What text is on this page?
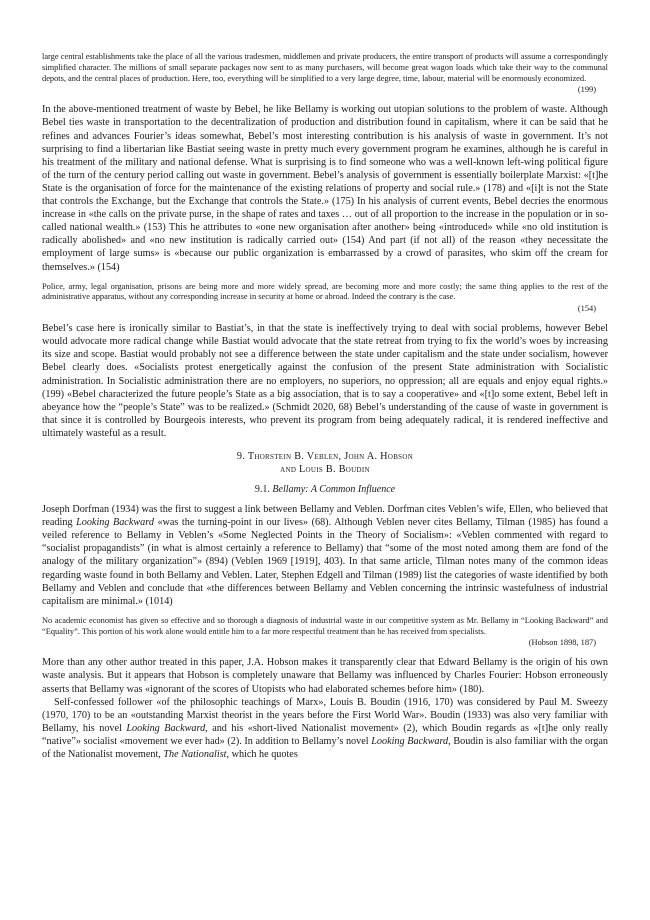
large central establishments take the place of all the various tradesmen, middlemen and private producers, the entire transport of products will assume a correspondingly simplified character. The millions of small separate packages now sent to as many purchasers, will become great wagon loads which take their way to the communal depots, and the central places of production. Here, too, everything will be simplified to a very large degree, time, labour, material will be enormously economized.
(199)

In the above-mentioned treatment of waste by Bebel, he like Bellamy is working out utopian solutions to the problem of waste. Although Bebel ties waste in transportation to the decentralization of production and distribution found in capitalism, where it can be said that he refines and advances Fourier’s ideas somewhat, Bebel’s most interesting contribution is his analysis of waste in government. It’s not surprising to find a libertarian like Bastiat seeing waste in pretty much every government program he examines, although he is careful in his treatment of the military and national defense. What is surprising is to find someone who was a well-known left-wing political figure of the turn of the century period calling out waste in government. Bebel’s analysis of government is essentially boilerplate Marxist: «[t]he State is the organisation of force for the maintenance of the existing relations of property and social rule.» (178) and «[i]t is not the State that controls the Exchange, but the Exchange that controls the State.» (175) In his analysis of current events, Bebel decries the enormous increase in «the calls on the private purse, in the shape of rates and taxes … out of all proportion to the increase in the population or in so-called national wealth.» (153) This he attributes to «one new organisation after another» being «introduced» while «no old institution is radically abolished» and «no new institution is radically carried out» (154) And part (if not all) of the reason «they necessitate the employment of large sums» is «because our public organization is embarrassed by a crowd of parasites, who skim off the cream for themselves.» (154)

Police, army, legal organisation, prisons are being more and more widely spread, are becoming more and more costly; the same thing applies to the rest of the administrative apparatus, without any corresponding increase in security at home or abroad. Indeed the contrary is the case.
(154)

Bebel’s case here is ironically similar to Bastiat’s, in that the state is ineffectively trying to deal with social problems, however Bebel would advocate more radical change while Bastiat would advocate that the state retreat from trying to fix the world’s woes by increasing its size and scope. Bastiat would probably not see a difference between the state under capitalism and the state under socialism, however Bebel clearly does. «Socialists protest energetically against the confusion of the present State administration with Socialistic administration. In Socialistic administration there are no employers, no superiors, no oppression; all are equals and enjoy equal rights.» (199) «Bebel characterized the future people’s State as a big association, that is to say a cooperative» and «[t]o some extent, Bebel left in abeyance how the “people’s State” was to be realized.» (Schmidt 2020, 68) Bebel’s understanding of the cause of waste in government is that since it is controlled by Bourgeois interests, who prevent its program from being adequately radical, it is rendered ineffective and ultimately wasteful as a result.

9. Thorstein B. Veblen, John A. Hobson
and Louis B. Boudin
9.1. Bellamy: A Common Influence

Joseph Dorfman (1934) was the first to suggest a link between Bellamy and Veblen. Dorfman cites Veblen’s wife, Ellen, who believed that reading Looking Backward «was the turning-point in our lives» (68). Although Veblen never cites Bellamy, Tilman (1985) has found a veiled reference to Bellamy in Veblen’s «Some Neglected Points in the Theory of Socialism»: «Veblen commented with regard to “socialist propagandists” (in what is almost certainly a reference to Bellamy) that “some of the most noted among them are fond of the analogy of the military organization”» (894) (Veblen 1969 [1919], 403). In that same article, Tilman notes many of the common ideas regarding waste found in both Bellamy and Veblen. Later, Stephen Edgell and Tilman (1989) list the categories of waste identified by both Bellamy and Veblen and conclude that «the differences between Bellamy and Veblen concerning the intrinsic wastefulness of industrial capitalism are minimal.» (1014)

No academic economist has given so effective and so thorough a diagnosis of industrial waste in our competitive system as Mr. Bellamy in “Looking Backward” and “Equality”. This portion of his work alone would entitle him to a far more respectful treatment than he has received from specialists.
(Hobson 1898, 187)

More than any other author treated in this paper, J.A. Hobson makes it transparently clear that Edward Bellamy is the origin of his own waste analysis. But it appears that Hobson is completely unaware that Bellamy was influenced by Charles Fourier: Hobson erroneously asserts that Bellamy was «ignorant of the scores of Utopists who had elaborated schemes before him» (180).

Self-confessed follower «of the philosophic teachings of Marx», Louis B. Boudin (1916, 170) was considered by Paul M. Sweezy (1970, 170) to be an «outstanding Marxist theorist in the years before the First World War». Boudin (1933) was also very familiar with Bellamy, his novel Looking Backward, and his «short-lived Nationalist movement» (2), which Boudin regards as «[t]he only really “native”» socialist «movement we ever had» (2). In addition to Bellamy’s novel Looking Backward, Boudin is also familiar with the organ of the Nationalist movement, The Nationalist, which he quotes
